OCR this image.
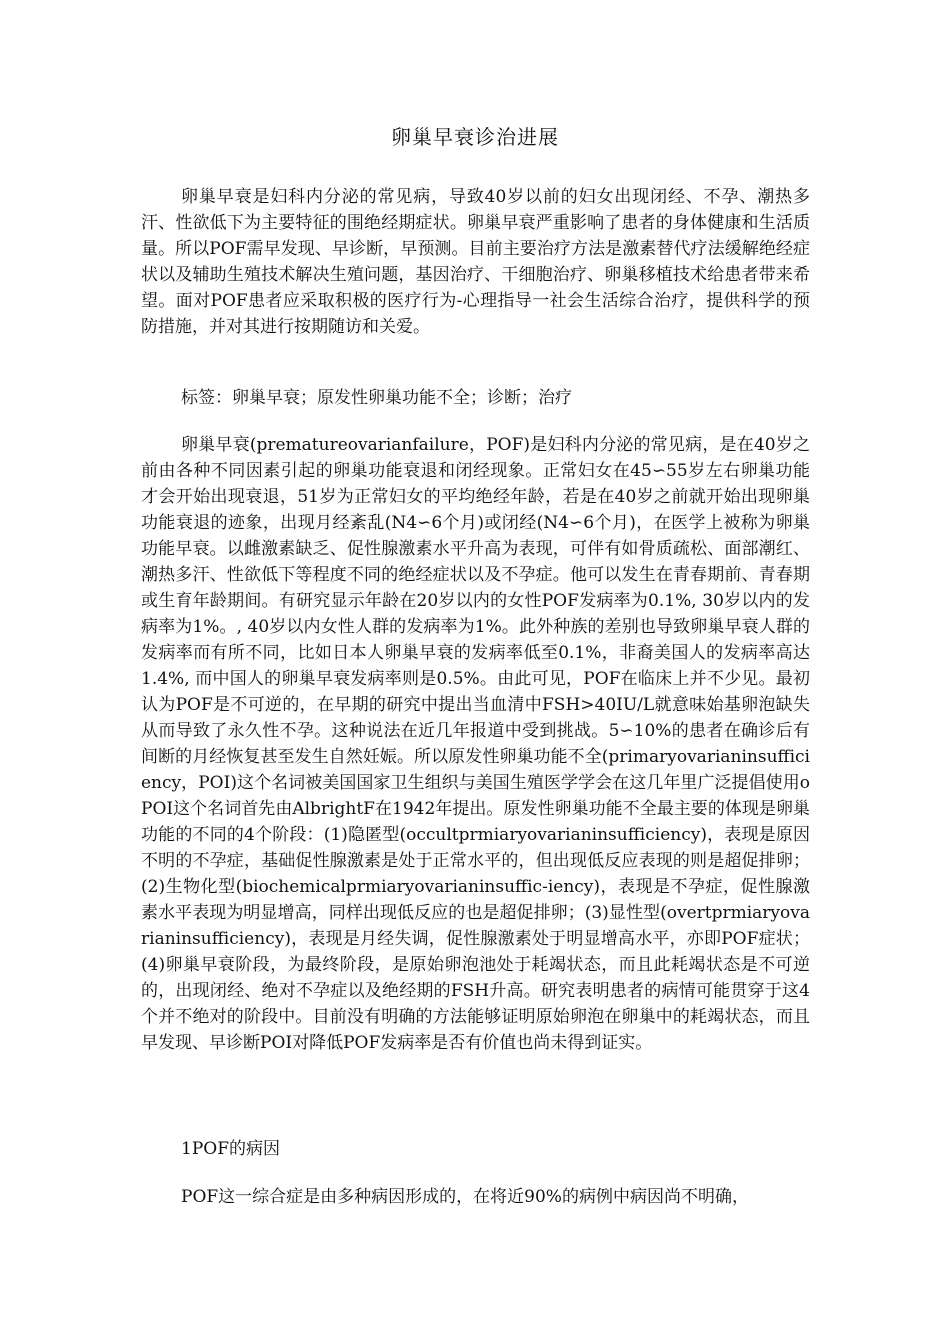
卵巢早衰诊治进展

卵巢早衰是妇科内分泌的常见病，导致40岁以前的妇女出现闭经、不孕、潮热多汗、性欲低下为主要特征的围绝经期症状。卵巢早衰严重影响了患者的身体健康和生活质量。所以POF需早发现、早诊断，早预测。目前主要治疗方法是激素替代疗法缓解绝经症状以及辅助生殖技术解决生殖问题，基因治疗、干细胞治疗、卵巢移植技术给患者带来希望。面对POF患者应采取积极的医疗行为-心理指导一社会生活综合治疗，提供科学的预防措施，并对其进行按期随访和关爱。

标签：卵巢早衰；原发性卵巢功能不全；诊断；治疗

卵巢早衰(prematureovarianfailure，POF)是妇科内分泌的常见病，是在40岁之前由各种不同因素引起的卵巢功能衰退和闭经现象。正常妇女在45∽55岁左右卵巢功能才会开始出现衰退，51岁为正常妇女的平均绝经年龄，若是在40岁之前就开始出现卵巢功能衰退的迹象，出现月经紊乱(N4∽6个月)或闭经(N4∽6个月)，在医学上被称为卵巢功能早衰。以雌激素缺乏、促性腺激素水平升高为表现，可伴有如骨质疏松、面部潮红、潮热多汗、性欲低下等程度不同的绝经症状以及不孕症。他可以发生在青春期前、青春期或生育年龄期间。有研究显示年龄在20岁以内的女性POF发病率为0.1%, 30岁以内的发病率为1%。, 40岁以内女性人群的发病率为1%。此外种族的差别也导致卵巢早衰人群的发病率而有所不同，比如日本人卵巢早衰的发病率低至0.1%，非裔美国人的发病率高达1.4%, 而中国人的卵巢早衰发病率则是0.5%。由此可见，POF在临床上并不少见。最初认为POF是不可逆的，在早期的研究中提出当血清中FSH>40IU/L就意味始基卵泡缺失从而导致了永久性不孕。这种说法在近几年报道中受到挑战。5∽10%的患者在确诊后有间断的月经恢复甚至发生自然妊娠。所以原发性卵巢功能不全(primaryovarianinsufficiency，POI)这个名词被美国国家卫生组织与美国生殖医学学会在这几年里广泛提倡使用oPOI这个名词首先由AlbrightF在1942年提出。原发性卵巢功能不全最主要的体现是卵巢功能的不同的4个阶段：(1)隐匿型(occultprmiaryovarianinsufficiency)，表现是原因不明的不孕症，基础促性腺激素是处于正常水平的，但出现低反应表现的则是超促排卵；(2)生物化型(biochemicalprmiaryovarianinsuffic-iency)，表现是不孕症，促性腺激素水平表现为明显增高，同样出现低反应的也是超促排卵；(3)显性型(overtprmiaryovarianinsufficiency)，表现是月经失调，促性腺激素处于明显增高水平，亦即POF症状；(4)卵巢早衰阶段，为最终阶段，是原始卵泡池处于耗竭状态，而且此耗竭状态是不可逆的，出现闭经、绝对不孕症以及绝经期的FSH升高。研究表明患者的病情可能贯穿于这4个并不绝对的阶段中。目前没有明确的方法能够证明原始卵泡在卵巢中的耗竭状态，而且早发现、早诊断POI对降低POF发病率是否有价值也尚未得到证实。

1POF的病因

POF这一综合症是由多种病因形成的，在将近90%的病例中病因尚不明确，
